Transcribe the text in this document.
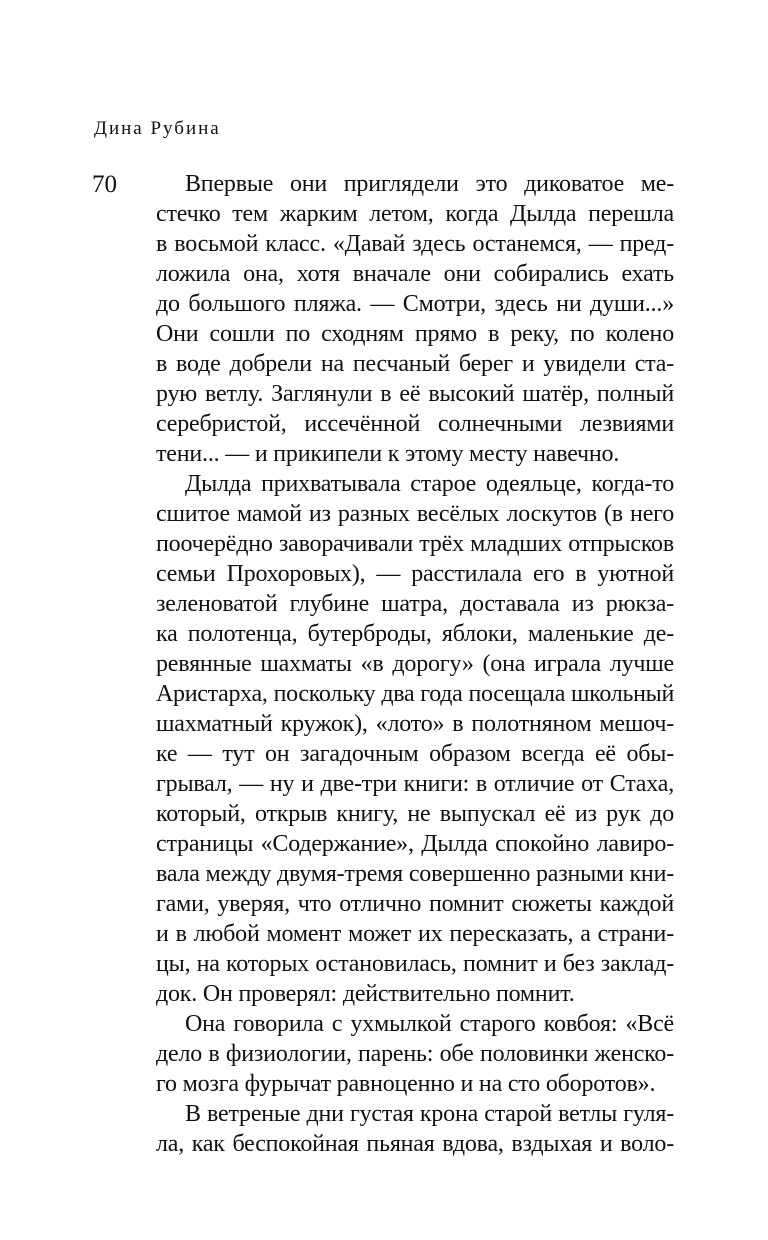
Дина Рубина
70	Впервые они приглядели это диковатое ме-
стечко тем жарким летом, когда Дылда перешла
в восьмой класс. «Давай здесь останемся, — пред-
ложила она, хотя вначале они собирались ехать
до большого пляжа. — Смотри, здесь ни души...»
Они сошли по сходням прямо в реку, по колено
в воде добрели на песчаный берег и увидели ста-
рую ветлу. Заглянули в её высокий шатёр, полный
серебристой, иссечённой солнечными лезвиями
тени... — и прикипели к этому месту навечно.
Дылда прихватывала старое одеяльце, когда-то
сшитое мамой из разных весёлых лоскутов (в него
поочерёдно заворачивали трёх младших отпрысков
семьи Прохоровых), — расстилала его в уютной
зеленоватой глубине шатра, доставала из рюкза-
ка полотенца, бутерброды, яблоки, маленькие де-
ревянные шахматы «в дорогу» (она играла лучше
Аристарха, поскольку два года посещала школьный
шахматный кружок), «лото» в полотняном мешоч-
ке — тут он загадочным образом всегда её обы-
грывал, — ну и две-три книги: в отличие от Стаха,
который, открыв книгу, не выпускал её из рук до
страницы «Содержание», Дылда спокойно лавиро-
вала между двумя-тремя совершенно разными кни-
гами, уверяя, что отлично помнит сюжеты каждой
и в любой момент может их пересказать, а страни-
цы, на которых остановилась, помнит и без заклад-
док. Он проверял: действительно помнит.
Она говорила с ухмылкой старого ковбоя: «Всё
дело в физиологии, парень: обе половинки женско-
го мозга фурычат равноценно и на сто оборотов».
В ветреные дни густая крона старой ветлы гуля-
ла, как беспокойная пьяная вдова, вздыхая и воло-
